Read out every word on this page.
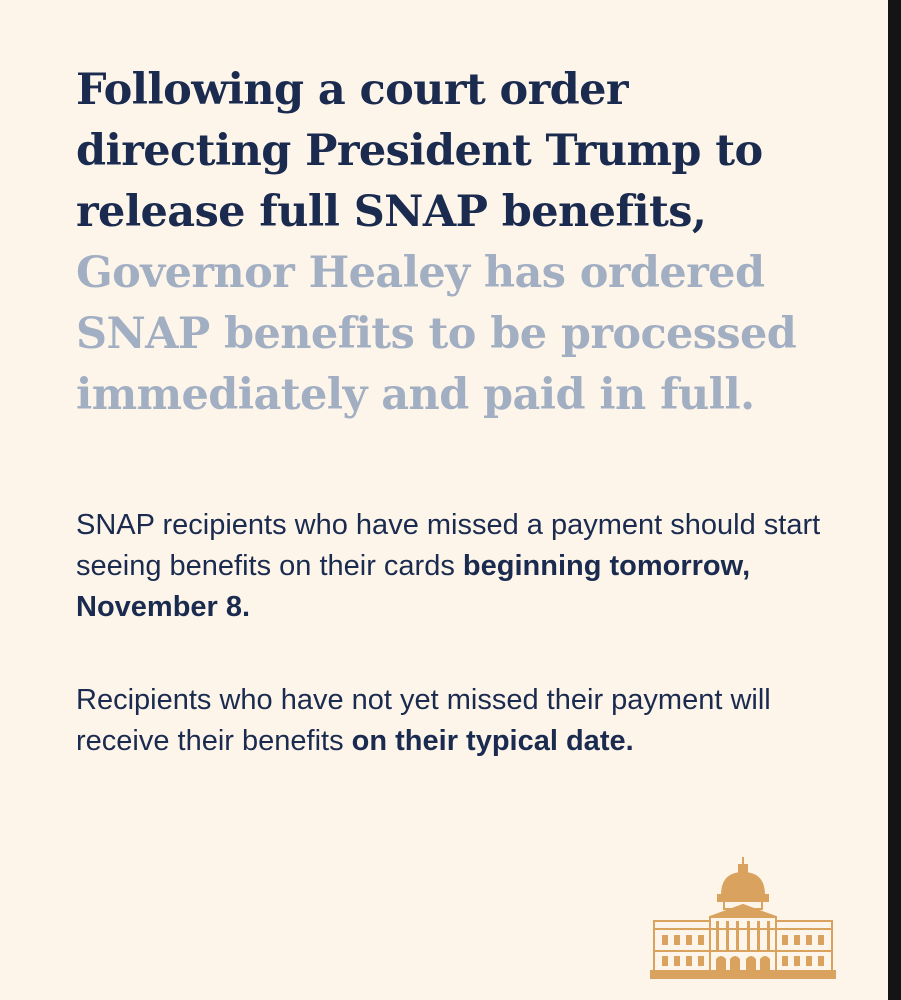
Following a court order directing President Trump to release full SNAP benefits, Governor Healey has ordered SNAP benefits to be processed immediately and paid in full.

SNAP recipients who have missed a payment should start seeing benefits on their cards beginning tomorrow, November 8.

Recipients who have not yet missed their payment will receive their benefits on their typical date.
